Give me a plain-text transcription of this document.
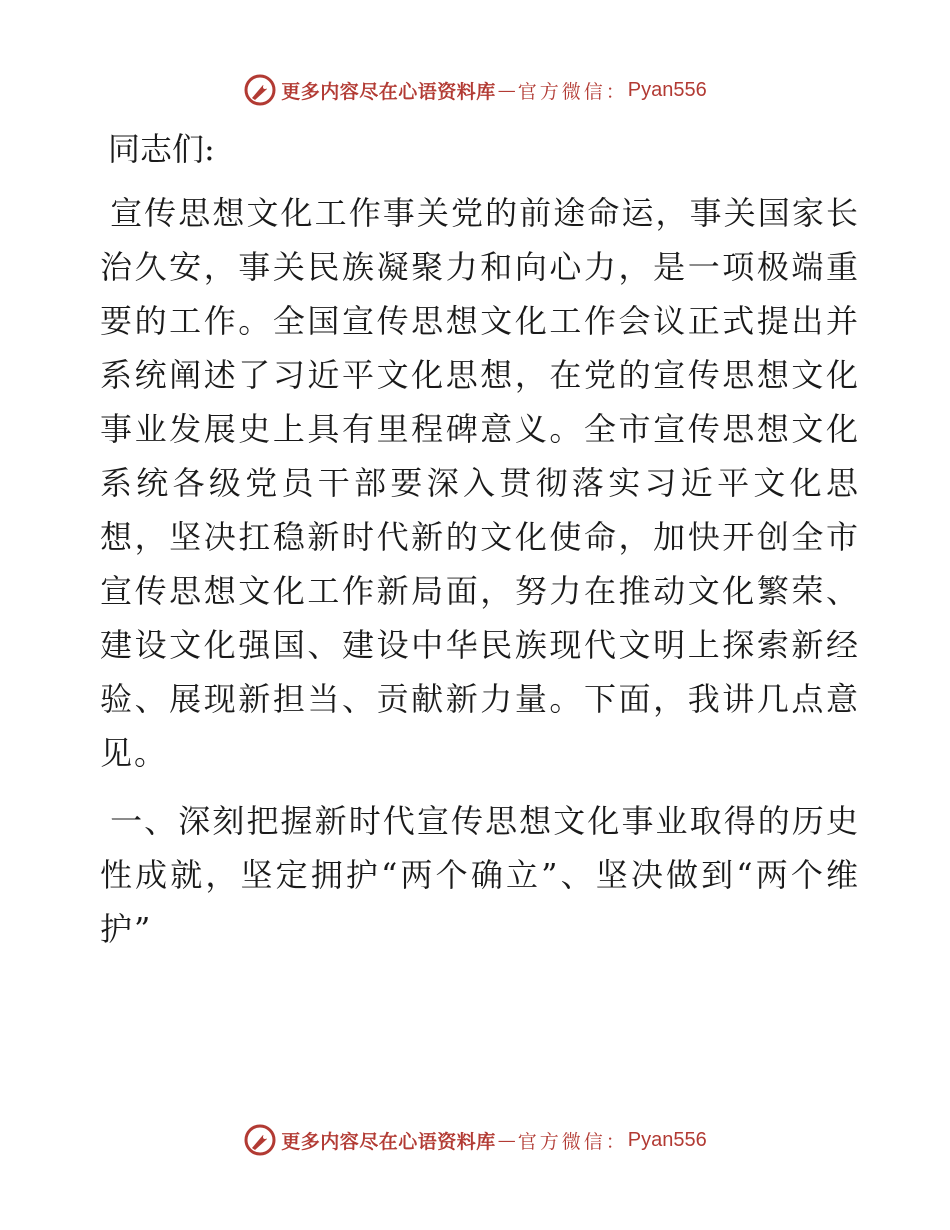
更多内容尽在心语资料库 — 官方微信： Pyan556
同志们:
宣传思想文化工作事关党的前途命运，事关国家长治久安，事关民族凝聚力和向心力，是一项极端重要的工作。全国宣传思想文化工作会议正式提出并系统阐述了习近平文化思想，在党的宣传思想文化事业发展史上具有里程碑意义。全市宣传思想文化系统各级党员干部要深入贯彻落实习近平文化思想，坚决扛稳新时代新的文化使命，加快开创全市宣传思想文化工作新局面，努力在推动文化繁荣、建设文化强国、建设中华民族现代文明上探索新经验、展现新担当、贡献新力量。下面，我讲几点意见。
一、深刻把握新时代宣传思想文化事业取得的历史性成就，坚定拥护“两个确立”、坚决做到“两个维护”
更多内容尽在心语资料库 — 官方微信： Pyan556
